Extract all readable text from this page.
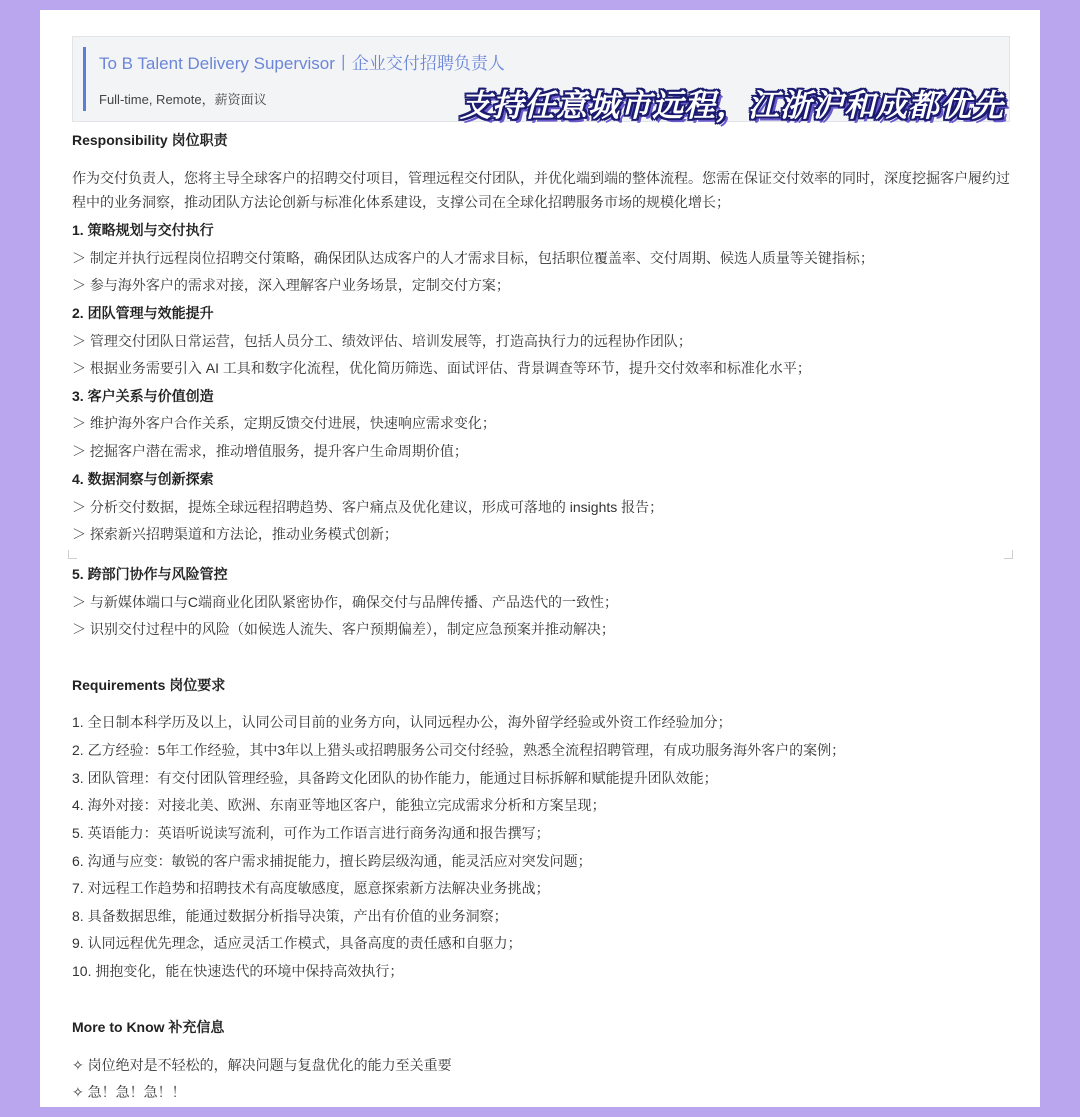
To B Talent Delivery Supervisor丨企业交付招聘负责人
Full-time, Remote，薪资面议	支持任意城市远程，江浙沪和成都优先
Responsibility 岗位职责
作为交付负责人，您将主导全球客户的招聘交付项目，管理远程交付团队，并优化端到端的整体流程。您需在保证交付效率的同时，深度挖掘客户履约过程中的业务洞察，推动团队方法论创新与标准化体系建设，支撑公司在全球化招聘服务市场的规模化增长；
1. 策略规划与交付执行
＞ 制定并执行远程岗位招聘交付策略，确保团队达成客户的人才需求目标，包括职位覆盖率、交付周期、候选人质量等关键指标；
＞ 参与海外客户的需求对接，深入理解客户业务场景，定制交付方案；
2. 团队管理与效能提升
＞ 管理交付团队日常运营，包括人员分工、绩效评估、培训发展等，打造高执行力的远程协作团队；
＞ 根据业务需要引入 AI 工具和数字化流程，优化简历筛选、面试评估、背景调查等环节，提升交付效率和标准化水平；
3. 客户关系与价值创造
＞ 维护海外客户合作关系，定期反馈交付进展，快速响应需求变化；
＞ 挖掘客户潜在需求，推动增值服务，提升客户生命周期价值；
4. 数据洞察与创新探索
＞ 分析交付数据，提炼全球远程招聘趋势、客户痛点及优化建议，形成可落地的 insights 报告；
＞ 探索新兴招聘渠道和方法论，推动业务模式创新；
5. 跨部门协作与风险管控
＞ 与新媒体端口与C端商业化团队紧密协作，确保交付与品牌传播、产品迭代的一致性；
＞ 识别交付过程中的风险（如候选人流失、客户预期偏差），制定应急预案并推动解决；
Requirements 岗位要求
1. 全日制本科学历及以上，认同公司目前的业务方向，认同远程办公，海外留学经验或外资工作经验加分；
2. 乙方经验：5年工作经验，其中3年以上猎头或招聘服务公司交付经验，熟悉全流程招聘管理，有成功服务海外客户的案例；
3. 团队管理：有交付团队管理经验，具备跨文化团队的协作能力，能通过目标拆解和赋能提升团队效能；
4. 海外对接：对接北美、欧洲、东南亚等地区客户，能独立完成需求分析和方案呈现；
5. 英语能力：英语听说读写流利，可作为工作语言进行商务沟通和报告撰写；
6. 沟通与应变：敏锐的客户需求捕捉能力，擅长跨层级沟通，能灵活应对突发问题；
7. 对远程工作趋势和招聘技术有高度敏感度，愿意探索新方法解决业务挑战；
8. 具备数据思维，能通过数据分析指导决策，产出有价值的业务洞察；
9. 认同远程优先理念，适应灵活工作模式，具备高度的责任感和自驱力；
10. 拥抱变化，能在快速迭代的环境中保持高效执行；
More to Know 补充信息
✧ 岗位绝对是不轻松的，解决问题与复盘优化的能力至关重要
✧ 急！急！急！！
